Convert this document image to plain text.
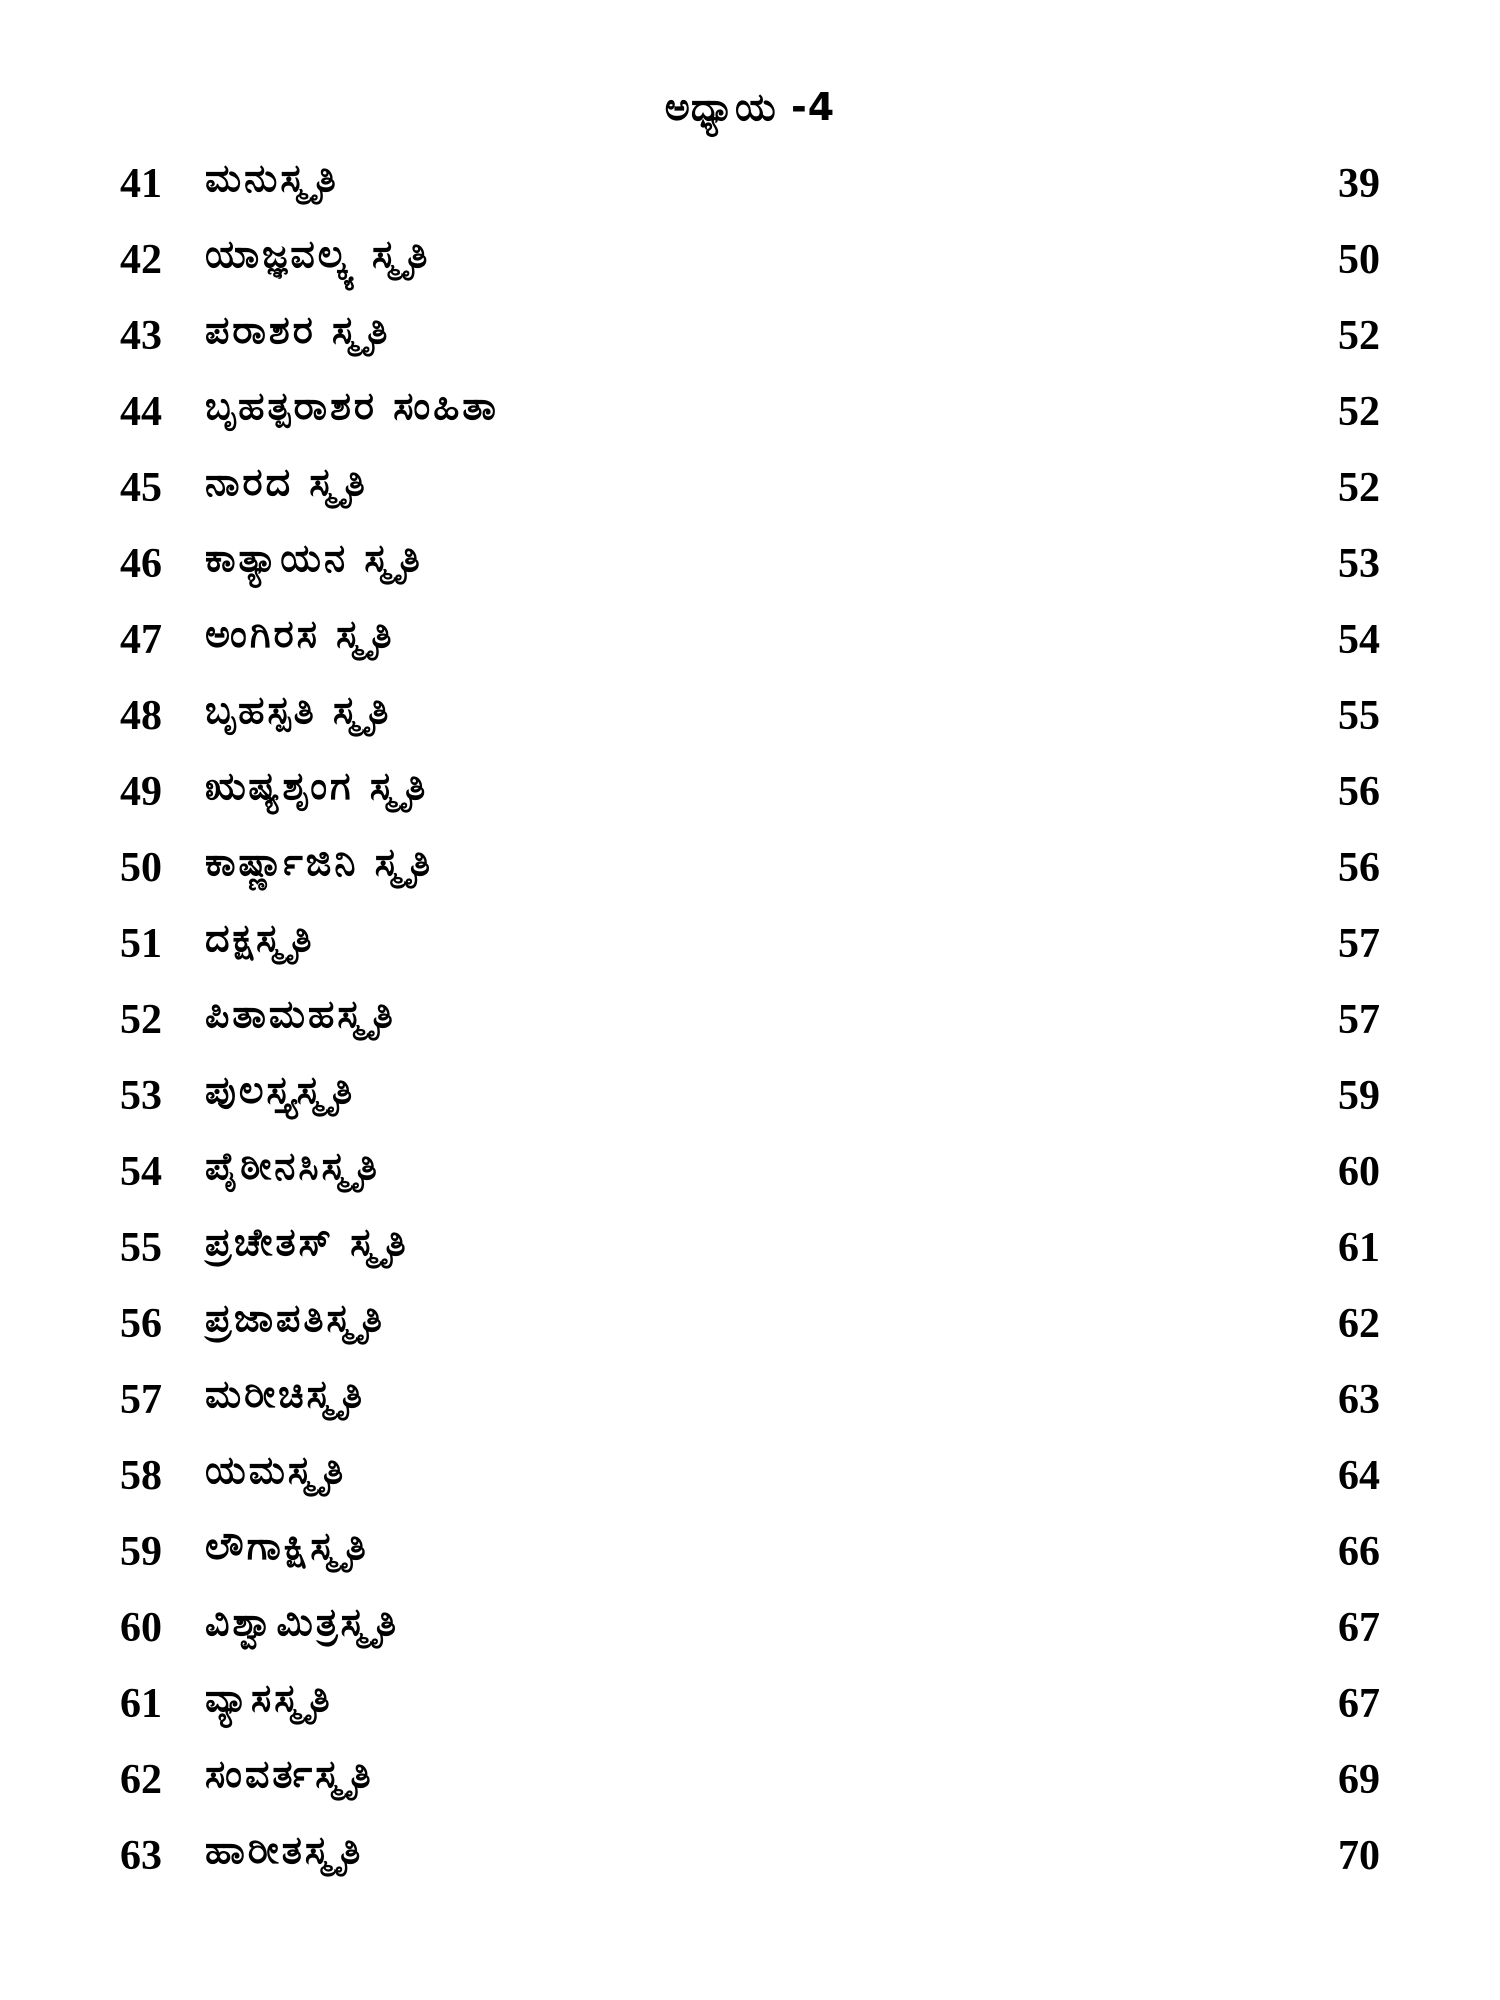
ಅಧ್ಯಾಯ -4
41	ಮನುಸ್ಮೃತಿ	39
42	ಯಾಜ್ಞವಲ್ಕ್ಯ ಸ್ಮೃತಿ	50
43	ಪರಾಶರ ಸ್ಮೃತಿ	52
44	ಬೃಹತ್ಪರಾಶರ ಸಂಹಿತಾ	52
45	ನಾರದ ಸ್ಮೃತಿ	52
46	ಕಾತ್ಯಾಯನ ಸ್ಮೃತಿ	53
47	ಅಂಗಿರಸ ಸ್ಮೃತಿ	54
48	ಬೃಹಸ್ಪತಿ ಸ್ಮೃತಿ	55
49	ಋಷ್ಯಶೃಂಗ ಸ್ಮೃತಿ	56
50	ಕಾರ್ಷ್ಣಾಜಿನಿ ಸ್ಮೃತಿ	56
51	ದಕ್ಷಸ್ಮೃತಿ	57
52	ಪಿತಾಮಹಸ್ಮೃತಿ	57
53	ಪುಲಸ್ತ್ಯಸ್ಮೃತಿ	59
54	ಪೈಠೀನಸಿಸ್ಮೃತಿ	60
55	ಪ್ರಚೇತಸ್ ಸ್ಮೃತಿ	61
56	ಪ್ರಜಾಪತಿಸ್ಮೃತಿ	62
57	ಮರೀಚಿಸ್ಮೃತಿ	63
58	ಯಮಸ್ಮೃತಿ	64
59	ಲೌಗಾಕ್ಷಿಸ್ಮೃತಿ	66
60	ವಿಶ್ವಾಮಿತ್ರಸ್ಮೃತಿ	67
61	ವ್ಯಾಸಸ್ಮೃತಿ	67
62	ಸಂವರ್ತಸ್ಮೃತಿ	69
63	ಹಾರೀತಸ್ಮೃತಿ	70
